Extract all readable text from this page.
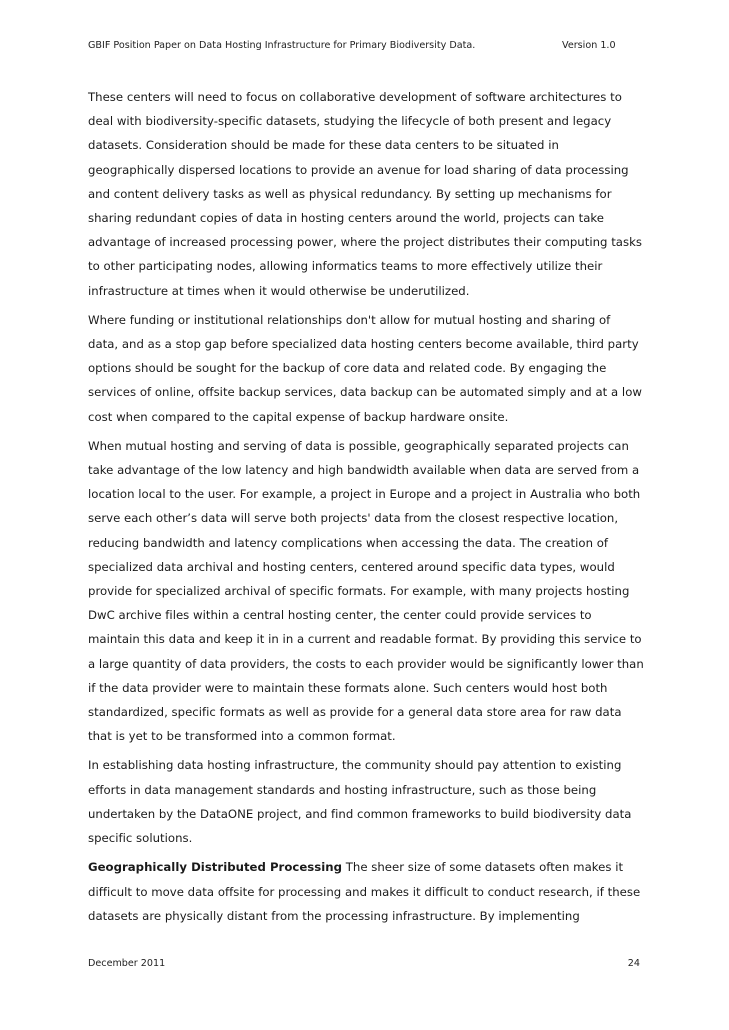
GBIF Position Paper on Data Hosting Infrastructure for Primary Biodiversity Data.	Version 1.0

These centers will need to focus on collaborative development of software architectures to deal with biodiversity-specific datasets, studying the lifecycle of both present and legacy datasets. Consideration should be made for these data centers to be situated in geographically dispersed locations to provide an avenue for load sharing of data processing and content delivery tasks as well as physical redundancy. By setting up mechanisms for sharing redundant copies of data in hosting centers around the world, projects can take advantage of increased processing power, where the project distributes their computing tasks to other participating nodes, allowing informatics teams to more effectively utilize their infrastructure at times when it would otherwise be underutilized.

Where funding or institutional relationships don't allow for mutual hosting and sharing of data, and as a stop gap before specialized data hosting centers become available, third party options should be sought for the backup of core data and related code. By engaging the services of online, offsite backup services, data backup can be automated simply and at a low cost when compared to the capital expense of backup hardware onsite.

When mutual hosting and serving of data is possible, geographically separated projects can take advantage of the low latency and high bandwidth available when data are served from a location local to the user. For example, a project in Europe and a project in Australia who both serve each other’s data will serve both projects' data from the closest respective location, reducing bandwidth and latency complications when accessing the data. The creation of specialized data archival and hosting centers, centered around specific data types, would provide for specialized archival of specific formats. For example, with many projects hosting DwC archive files within a central hosting center, the center could provide services to maintain this data and keep it in in a current and readable format. By providing this service to a large quantity of data providers, the costs to each provider would be significantly lower than if the data provider were to maintain these formats alone. Such centers would host both standardized, specific formats as well as provide for a general data store area for raw data that is yet to be transformed into a common format.

In establishing data hosting infrastructure, the community should pay attention to existing efforts in data management standards and hosting infrastructure, such as those being undertaken by the DataONE project, and find common frameworks to build biodiversity data specific solutions.

Geographically Distributed Processing The sheer size of some datasets often makes it difficult to move data offsite for processing and makes it difficult to conduct research, if these datasets are physically distant from the processing infrastructure. By implementing

December 2011	24
